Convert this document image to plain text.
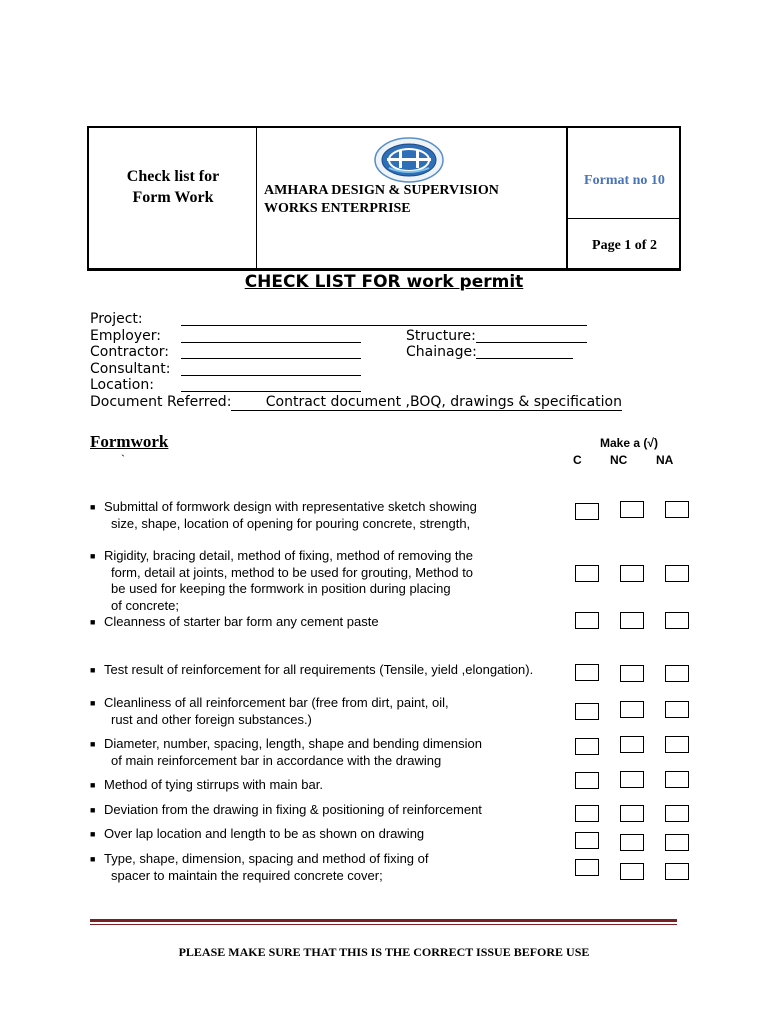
Check list for
Form Work	AMHARA DESIGN & SUPERVISION
WORKS ENTERPRISE
Format no 10
Page 1 of 2
CHECK LIST FOR work permit
Project:
Employer:
Contractor:
Consultant:
Location:
Structure:
Chainage:
Document Referred:	Contract document ,BOQ, drawings & specification
Formwork
`
Make a (√)
C NC NA
■ Submittal of formwork design with representative sketch showing
size, shape, location of opening for pouring concrete, strength,
■ Rigidity, bracing detail, method of fixing, method of removing the
form, detail at joints, method to be used for grouting, Method to
be used for keeping the formwork in position during placing
of concrete;
■ Cleanness of starter bar form any cement paste
■ Test result of reinforcement for all requirements (Tensile, yield ,elongation).
■ Cleanliness of all reinforcement bar (free from dirt, paint, oil,
rust and other foreign substances.)
■ Diameter, number, spacing, length, shape and bending dimension
of main reinforcement bar in accordance with the drawing
■ Method of tying stirrups with main bar.
■ Deviation from the drawing in fixing & positioning of reinforcement
■ Over lap location and length to be as shown on drawing
■ Type, shape, dimension, spacing and method of fixing of
spacer to maintain the required concrete cover;
PLEASE MAKE SURE THAT THIS IS THE CORRECT ISSUE BEFORE USE
